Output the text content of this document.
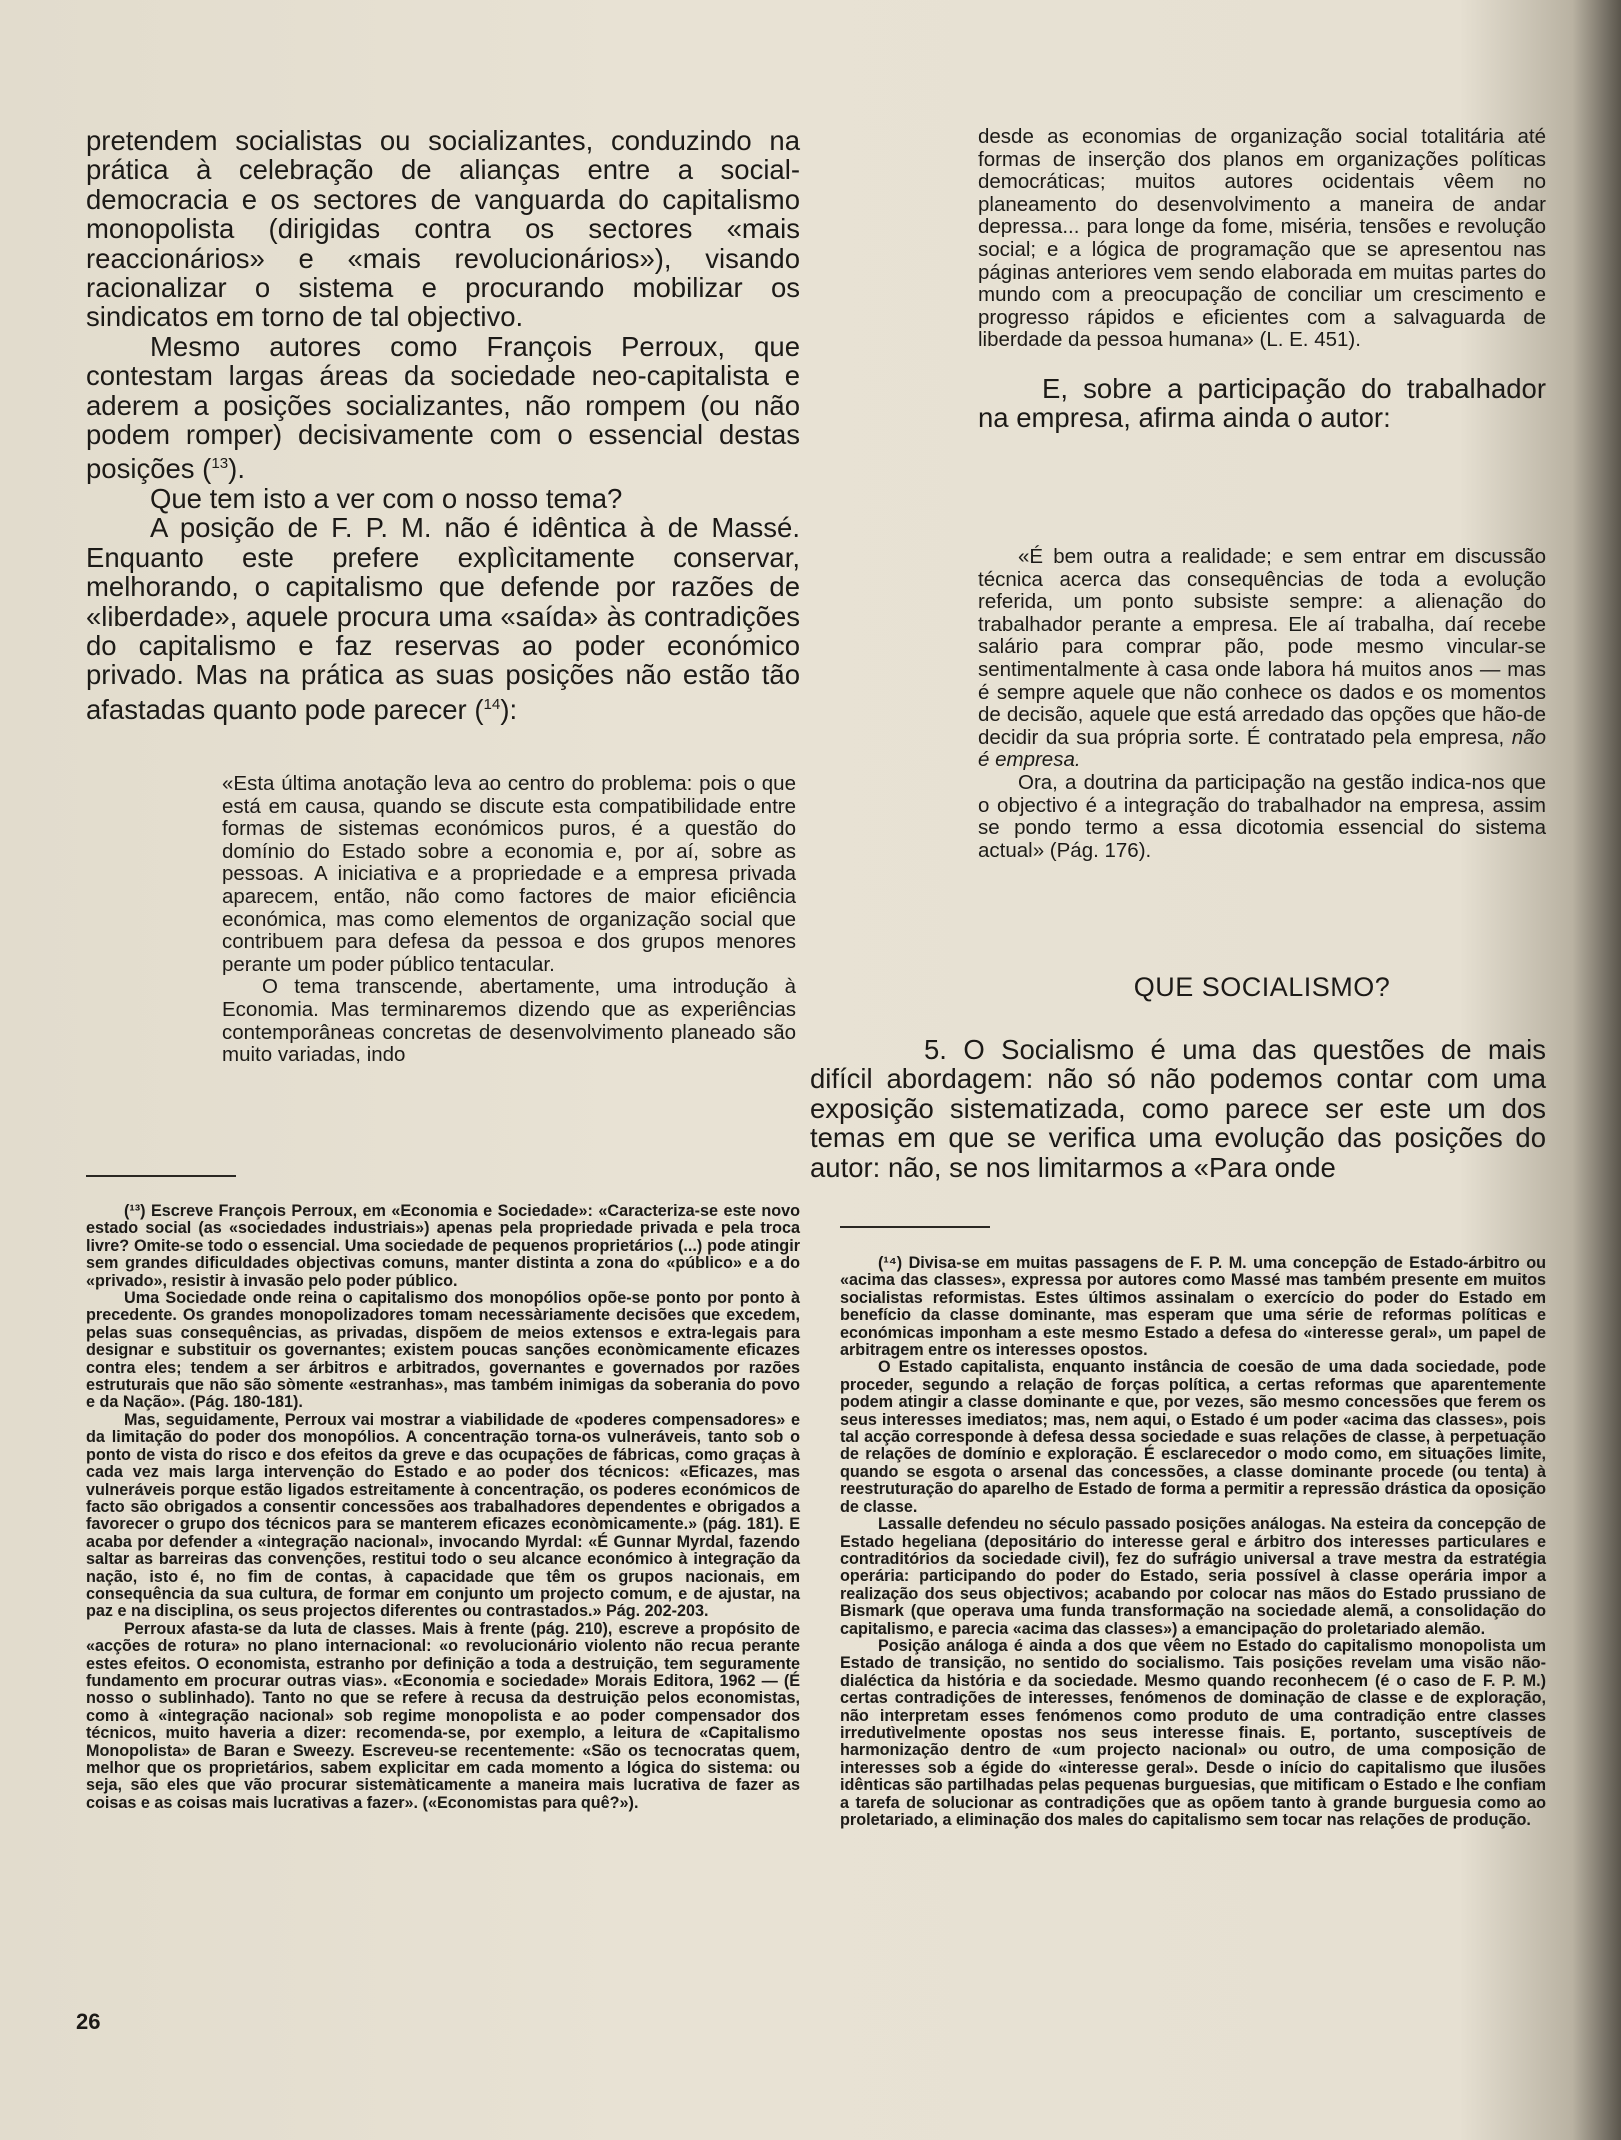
pretendem socialistas ou socializantes, conduzindo na prática à celebração de alianças entre a social-democracia e os sectores de vanguarda do capitalismo monopolista (dirigidas contra os sectores «mais reaccionários» e «mais revolucionários»), visando racionalizar o sistema e procurando mobilizar os sindicatos em torno de tal objectivo.

Mesmo autores como François Perroux, que contestam largas áreas da sociedade neo-capitalista e aderem a posições socializantes, não rompem (ou não podem romper) decisivamente com o essencial destas posições ($^{13}$).

Que tem isto a ver com o nosso tema?

A posição de F. P. M. não é idêntica à de Massé. Enquanto este prefere explìcitamente conservar, melhorando, o capitalismo que defende por razões de «liberdade», aquele procura uma «saída» às contradições do capitalismo e faz reservas ao poder económico privado. Mas na prática as suas posições não estão tão afastadas quanto pode parecer ($^{14}$):

«Esta última anotação leva ao centro do problema: pois o que está em causa, quando se discute esta compatibilidade entre formas de sistemas económicos puros, é a questão do domínio do Estado sobre a economia e, por aí, sobre as pessoas. A iniciativa e a propriedade e a empresa privada aparecem, então, não como factores de maior eficiência económica, mas como elementos de organização social que contribuem para defesa da pessoa e dos grupos menores perante um poder público tentacular.

O tema transcende, abertamente, uma introdução à Economia. Mas terminaremos dizendo que as experiências contemporâneas concretas de desenvolvimento planeado são muito variadas, indo

desde as economias de organização social totalitária até formas de inserção dos planos em organizações políticas democráticas; muitos autores ocidentais vêem no planeamento do desenvolvimento a maneira de andar depressa... para longe da fome, miséria, tensões e revolução social; e a lógica de programação que se apresentou nas páginas anteriores vem sendo elaborada em muitas partes do mundo com a preocupação de conciliar um crescimento e progresso rápidos e eficientes com a salvaguarda de liberdade da pessoa humana» (L. E. 451).

E, sobre a participação do trabalhador na empresa, afirma ainda o autor:

«É bem outra a realidade; e sem entrar em discussão técnica acerca das consequências de toda a evolução referida, um ponto subsiste sempre: a alienação do trabalhador perante a empresa. Ele aí trabalha, daí recebe salário para comprar pão, pode mesmo vincular-se sentimentalmente à casa onde labora há muitos anos — mas é sempre aquele que não conhece os dados e os momentos de decisão, aquele que está arredado das opções que hão-de decidir da sua própria sorte. É contratado pela empresa, não é empresa.

Ora, a doutrina da participação na gestão indica-nos que o objectivo é a integração do trabalhador na empresa, assim se pondo termo a essa dicotomia essencial do sistema actual» (Pág. 176).

QUE SOCIALISMO?

5. O Socialismo é uma das questões de mais difícil abordagem: não só não podemos contar com uma exposição sistematizada, como parece ser este um dos temas em que se verifica uma evolução das posições do autor: não, se nos limitarmos a «Para onde

(¹³) Escreve François Perroux, em «Economia e Sociedade»: «Caracteriza-se este novo estado social (as «sociedades industriais») apenas pela propriedade privada e pela troca livre? Omite-se todo o essencial. Uma sociedade de pequenos proprietários (...) pode atingir sem grandes dificuldades objectivas comuns, manter distinta a zona do «público» e a do «privado», resistir à invasão pelo poder público.

Uma Sociedade onde reina o capitalismo dos monopólios opõe-se ponto por ponto à precedente. Os grandes monopolizadores tomam necessàriamente decisões que excedem, pelas suas consequências, as privadas, dispõem de meios extensos e extra-legais para designar e substituir os governantes; existem poucas sanções econòmicamente eficazes contra eles; tendem a ser árbitros e arbitrados, governantes e governados por razões estruturais que não são sòmente «estranhas», mas também inimigas da soberania do povo e da Nação». (Pág. 180-181).

Mas, seguidamente, Perroux vai mostrar a viabilidade de «poderes compensadores» e da limitação do poder dos monopólios. A concentração torna-os vulneráveis, tanto sob o ponto de vista do risco e dos efeitos da greve e das ocupações de fábricas, como graças à cada vez mais larga intervenção do Estado e ao poder dos técnicos: «Eficazes, mas vulneráveis porque estão ligados estreitamente à concentração, os poderes económicos de facto são obrigados a consentir concessões aos trabalhadores dependentes e obrigados a favorecer o grupo dos técnicos para se manterem eficazes econòmicamente.» (pág. 181). E acaba por defender a «integração nacional», invocando Myrdal: «É Gunnar Myrdal, fazendo saltar as barreiras das convenções, restitui todo o seu alcance económico à integração da nação, isto é, no fim de contas, à capacidade que têm os grupos nacionais, em consequência da sua cultura, de formar em conjunto um projecto comum, e de ajustar, na paz e na disciplina, os seus projectos diferentes ou contrastados.» Pág. 202-203.

Perroux afasta-se da luta de classes. Mais à frente (pág. 210), escreve a propósito de «acções de rotura» no plano internacional: «o revolucionário violento não recua perante estes efeitos. O economista, estranho por definição a toda a destruição, tem seguramente fundamento em procurar outras vias». «Economia e sociedade» Morais Editora, 1962 — (É nosso o sublinhado). Tanto no que se refere à recusa da destruição pelos economistas, como à «integração nacional» sob regime monopolista e ao poder compensador dos técnicos, muito haveria a dizer: recomenda-se, por exemplo, a leitura de «Capitalismo Monopolista» de Baran e Sweezy. Escreveu-se recentemente: «São os tecnocratas quem, melhor que os proprietários, sabem explicitar em cada momento a lógica do sistema: ou seja, são eles que vão procurar sistemàticamente a maneira mais lucrativa de fazer as coisas e as coisas mais lucrativas a fazer». («Economistas para quê?»).

(¹⁴) Divisa-se em muitas passagens de F. P. M. uma concepção de Estado-árbitro ou «acima das classes», expressa por autores como Massé mas também presente em muitos socialistas reformistas. Estes últimos assinalam o exercício do poder do Estado em benefício da classe dominante, mas esperam que uma série de reformas políticas e económicas imponham a este mesmo Estado a defesa do «interesse geral», um papel de arbitragem entre os interesses opostos.

O Estado capitalista, enquanto instância de coesão de uma dada sociedade, pode proceder, segundo a relação de forças política, a certas reformas que aparentemente podem atingir a classe dominante e que, por vezes, são mesmo concessões que ferem os seus interesses imediatos; mas, nem aqui, o Estado é um poder «acima das classes», pois tal acção corresponde à defesa dessa sociedade e suas relações de classe, à perpetuação de relações de domínio e exploração. É esclarecedor o modo como, em situações limite, quando se esgota o arsenal das concessões, a classe dominante procede (ou tenta) à reestruturação do aparelho de Estado de forma a permitir a repressão drástica da oposição de classe.

Lassalle defendeu no século passado posições análogas. Na esteira da concepção de Estado hegeliana (depositário do interesse geral e árbitro dos interesses particulares e contraditórios da sociedade civil), fez do sufrágio universal a trave mestra da estratégia operária: participando do poder do Estado, seria possível à classe operária impor a realização dos seus objectivos; acabando por colocar nas mãos do Estado prussiano de Bismark (que operava uma funda transformação na sociedade alemã, a consolidação do capitalismo, e parecia «acima das classes») a emancipação do proletariado alemão.

Posição análoga é ainda a dos que vêem no Estado do capitalismo monopolista um Estado de transição, no sentido do socialismo. Tais posições revelam uma visão não-dialéctica da história e da sociedade. Mesmo quando reconhecem (é o caso de F. P. M.) certas contradições de interesses, fenómenos de dominação de classe e de exploração, não interpretam esses fenómenos como produto de uma contradição entre classes irredutìvelmente opostas nos seus interesse finais. E, portanto, susceptíveis de harmonização dentro de «um projecto nacional» ou outro, de uma composição de interesses sob a égide do «interesse geral». Desde o início do capitalismo que ilusões idênticas são partilhadas pelas pequenas burguesias, que mitificam o Estado e lhe confiam a tarefa de solucionar as contradições que as opõem tanto à grande burguesia como ao proletariado, a eliminação dos males do capitalismo sem tocar nas relações de produção.

26
